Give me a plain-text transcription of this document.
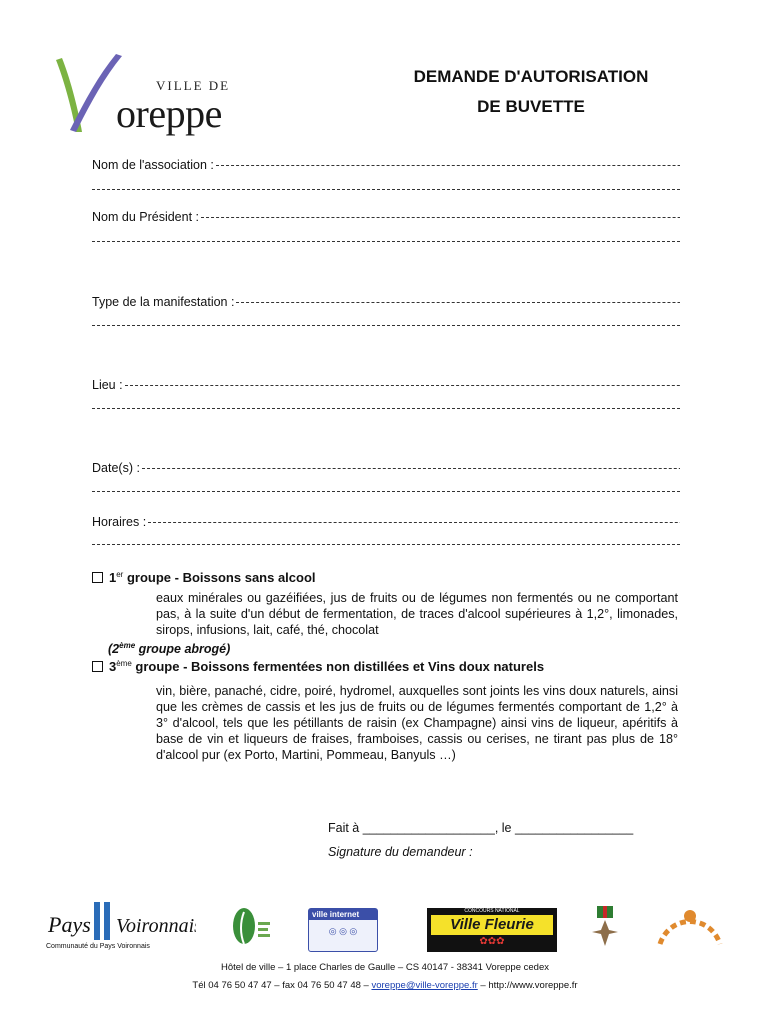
VILLE DE
oreppe
DEMANDE D'AUTORISATION
DE BUVETTE
Nom de l'association :
Nom du Président :
Type de la manifestation :
Lieu :
Date(s) :
Horaires :
1er groupe - Boissons sans alcool
eaux minérales ou gazéifiées, jus de fruits ou de légumes non fermentés ou ne comportant pas, à la suite d'un début de fermentation, de traces d'alcool supérieures à 1,2°, limonades, sirops, infusions, lait, café, thé, chocolat
(2ème groupe abrogé)
3ème groupe - Boissons fermentées non distillées et Vins doux naturels
vin, bière, panaché, cidre, poiré, hydromel, auxquelles sont joints les vins doux naturels, ainsi que les crèmes de cassis et les jus de fruits ou de légumes fermentés comportant de 1,2° à 3° d'alcool, tels que les pétillants de raisin (ex Champagne) ainsi vins de liqueur, apéritifs à base de vin et liqueurs de fraises, framboises, cassis ou cerises, ne tirant pas plus de 18° d'alcool pur (ex Porto, Martini, Pommeau, Banyuls …)
Fait à ___________________, le _________________
Signature du demandeur :
Pays Voironnais
Communauté du Pays Voironnais
ville internet
◎ ◎ ◎
CONCOURS NATIONAL
Ville Fleurie
✿✿✿
Hôtel de ville – 1 place Charles de Gaulle – CS 40147 - 38341 Voreppe cedex
Tél 04 76 50 47 47 – fax 04 76 50 47 48 – voreppe@ville-voreppe.fr – http://www.voreppe.fr
